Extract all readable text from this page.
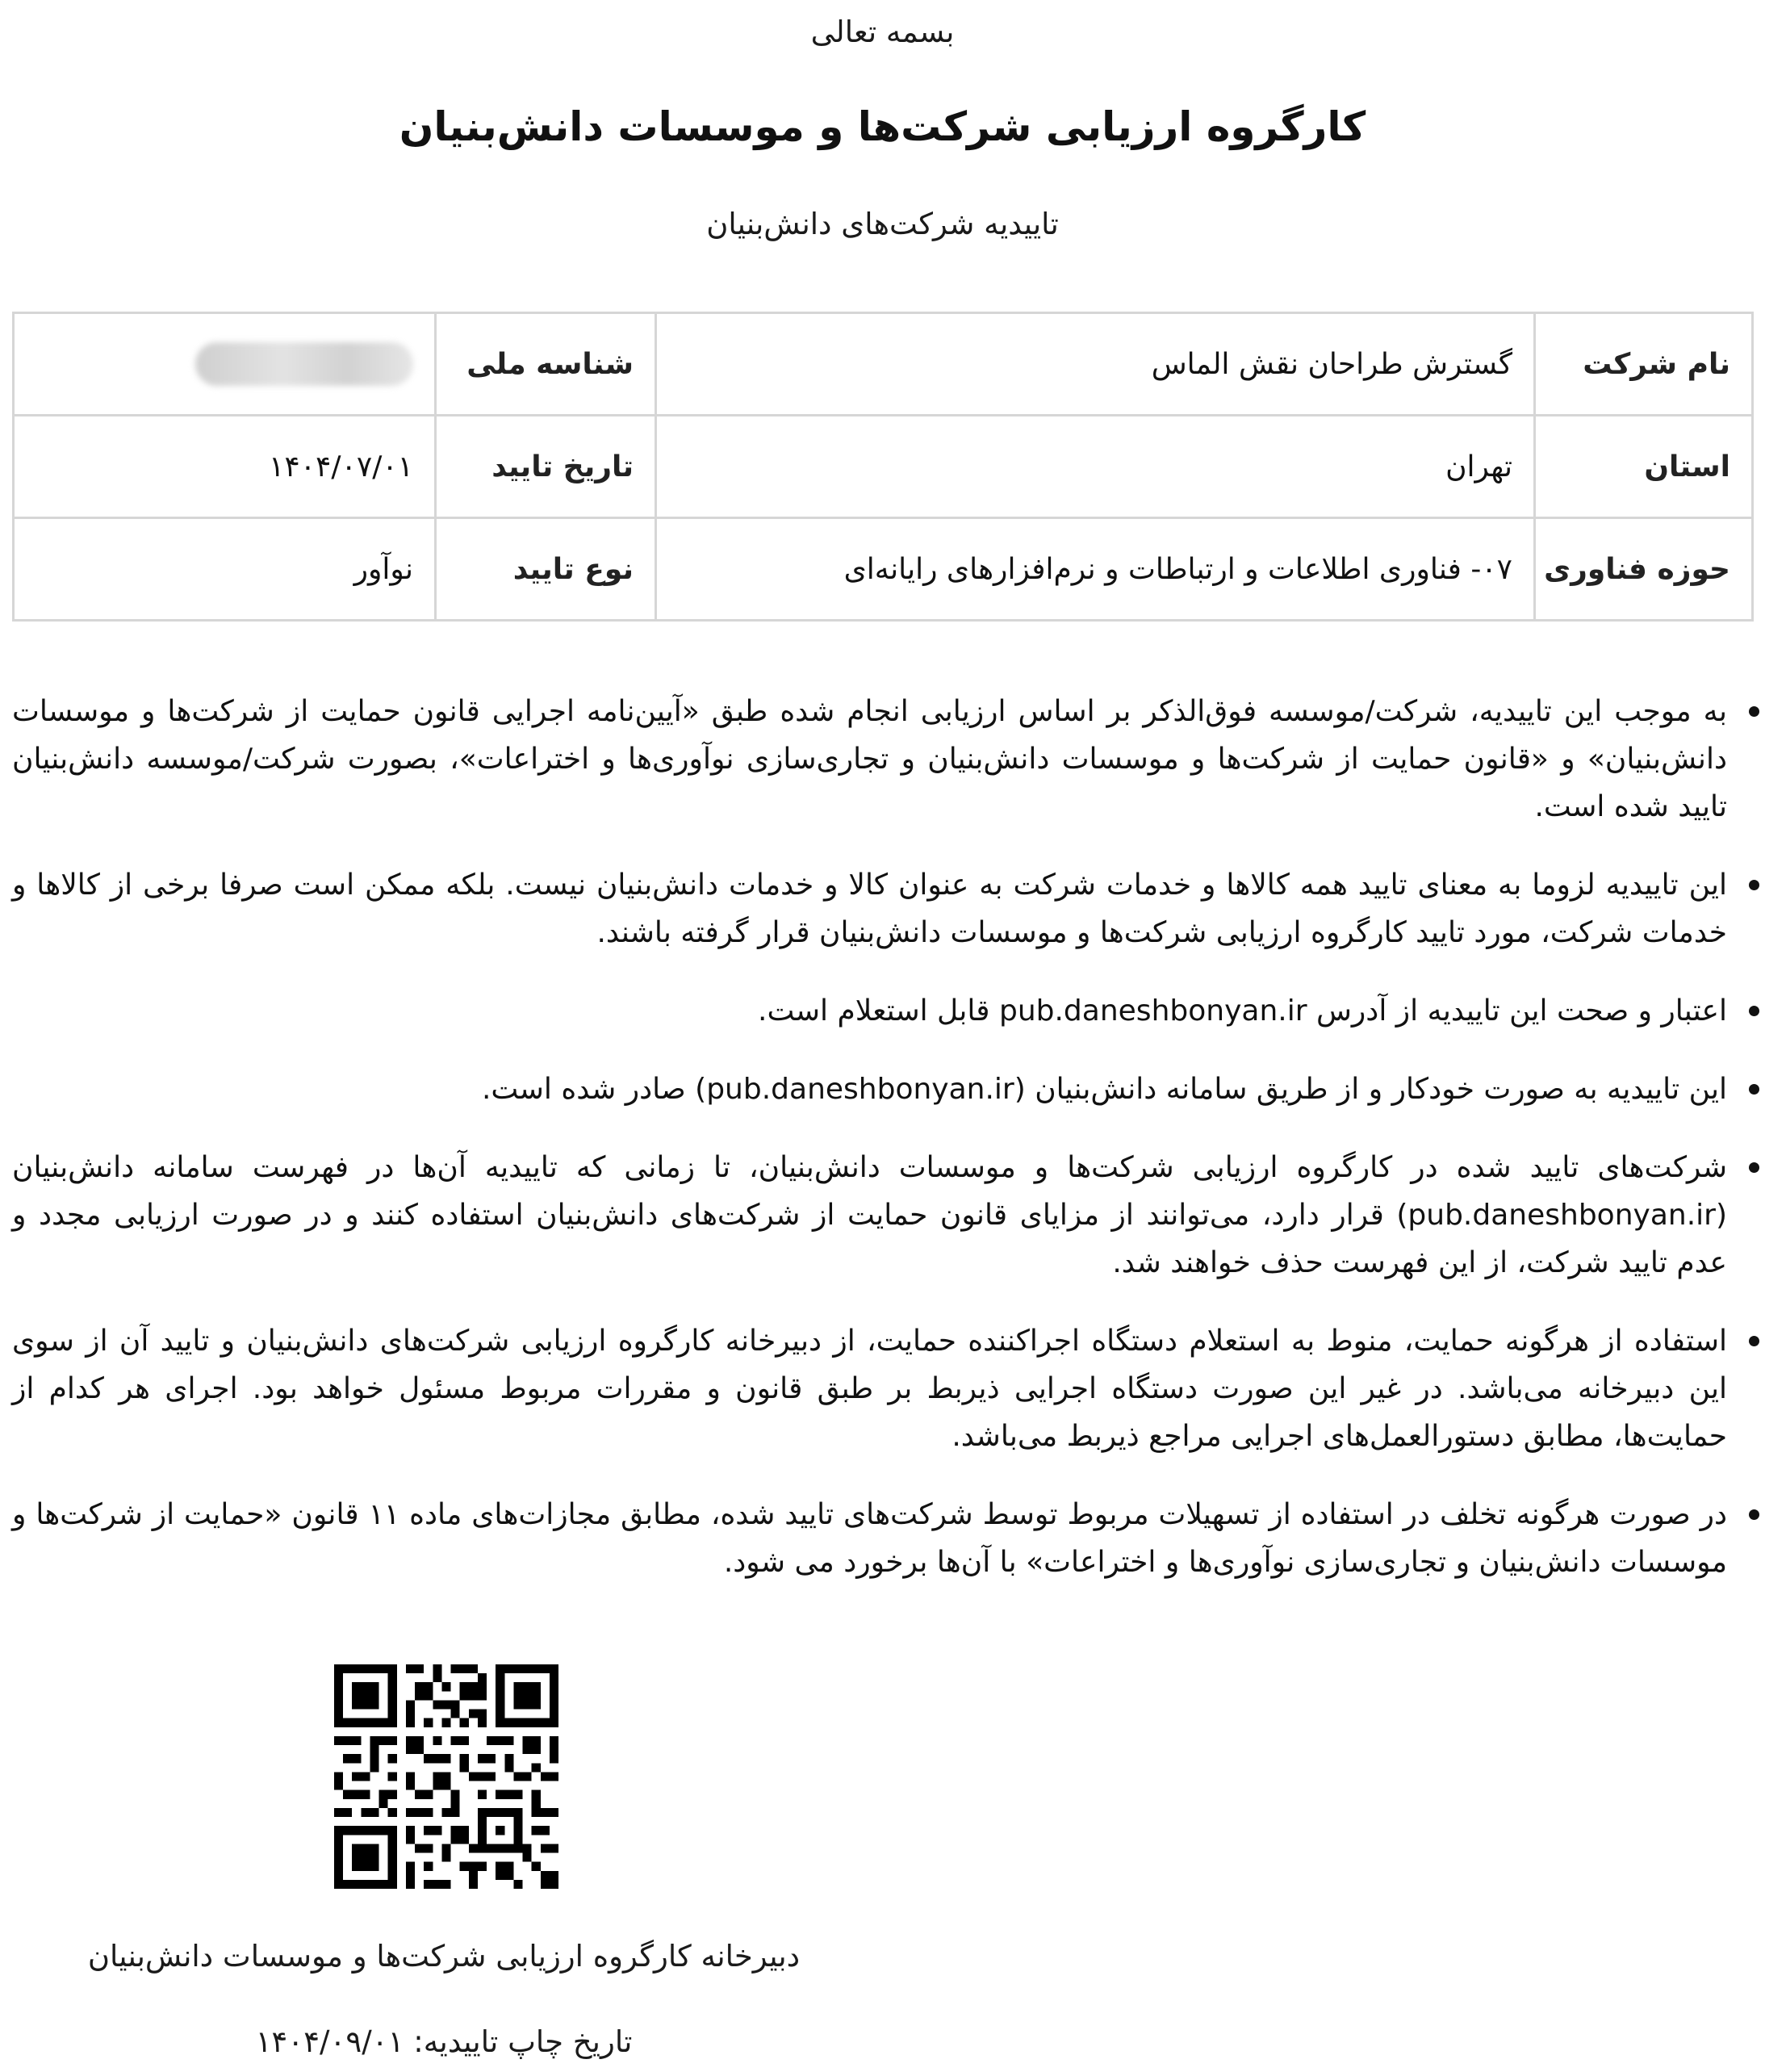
بسمه تعالی
کارگروه ارزیابی شرکت‌ها و موسسات دانش‌بنیان
تاییدیه شرکت‌های دانش‌بنیان
نام شرکت	گسترش طراحان نقش الماس	شناسه ملی	
استان	تهران	تاریخ تایید	۱۴۰۴/۰۷/۰۱
حوزه فناوری	۰۷- فناوری اطلاعات و ارتباطات و نرم‌افزارهای رایانه‌ای	نوع تایید	نوآور
به موجب این تاییدیه، شرکت/موسسه فوق‌الذکر بر اساس ارزیابی انجام شده طبق «آیین‌نامه اجرایی قانون حمایت از شرکت‌ها و موسسات دانش‌بنیان» و «قانون حمایت از شرکت‌ها و موسسات دانش‌بنیان و تجاری‌سازی نوآوری‌ها و اختراعات»، بصورت شرکت/موسسه دانش‌بنیان تایید شده است.
این تاییدیه لزوما به معنای تایید همه کالاها و خدمات شرکت به عنوان کالا و خدمات دانش‌بنیان نیست. بلکه ممکن است صرفا برخی از کالاها و خدمات شرکت، مورد تایید کارگروه ارزیابی شرکت‌ها و موسسات دانش‌بنیان قرار گرفته باشند.
اعتبار و صحت این تاییدیه از آدرس pub.daneshbonyan.ir قابل استعلام است.
این تاییدیه به صورت خودکار و از طریق سامانه دانش‌بنیان (pub.daneshbonyan.ir) صادر شده است.
شرکت‌های تایید شده در کارگروه ارزیابی شرکت‌ها و موسسات دانش‌بنیان، تا زمانی که تاییدیه آن‌ها در فهرست سامانه دانش‌بنیان (pub.daneshbonyan.ir) قرار دارد، می‌توانند از مزایای قانون حمایت از شرکت‌های دانش‌بنیان استفاده کنند و در صورت ارزیابی مجدد و عدم تایید شرکت، از این فهرست حذف خواهند شد.
استفاده از هرگونه حمایت، منوط به استعلام دستگاه اجراکننده حمایت، از دبیرخانه کارگروه ارزیابی شرکت‌های دانش‌بنیان و تایید آن از سوی این دبیرخانه می‌باشد. در غیر این صورت دستگاه اجرایی ذیربط بر طبق قانون و مقررات مربوط مسئول خواهد بود. اجرای هر کدام از حمایت‌ها، مطابق دستورالعمل‌های اجرایی مراجع ذیربط می‌باشد.
در صورت هرگونه تخلف در استفاده از تسهیلات مربوط توسط شرکت‌های تایید شده، مطابق مجازات‌های ماده ۱۱ قانون «حمایت از شرکت‌ها و موسسات دانش‌بنیان و تجاری‌سازی نوآوری‌ها و اختراعات» با آن‌ها برخورد می شود.
دبیرخانه کارگروه ارزیابی شرکت‌ها و موسسات دانش‌بنیان
تاریخ چاپ تاییدیه: ۱۴۰۴/۰۹/۰۱
